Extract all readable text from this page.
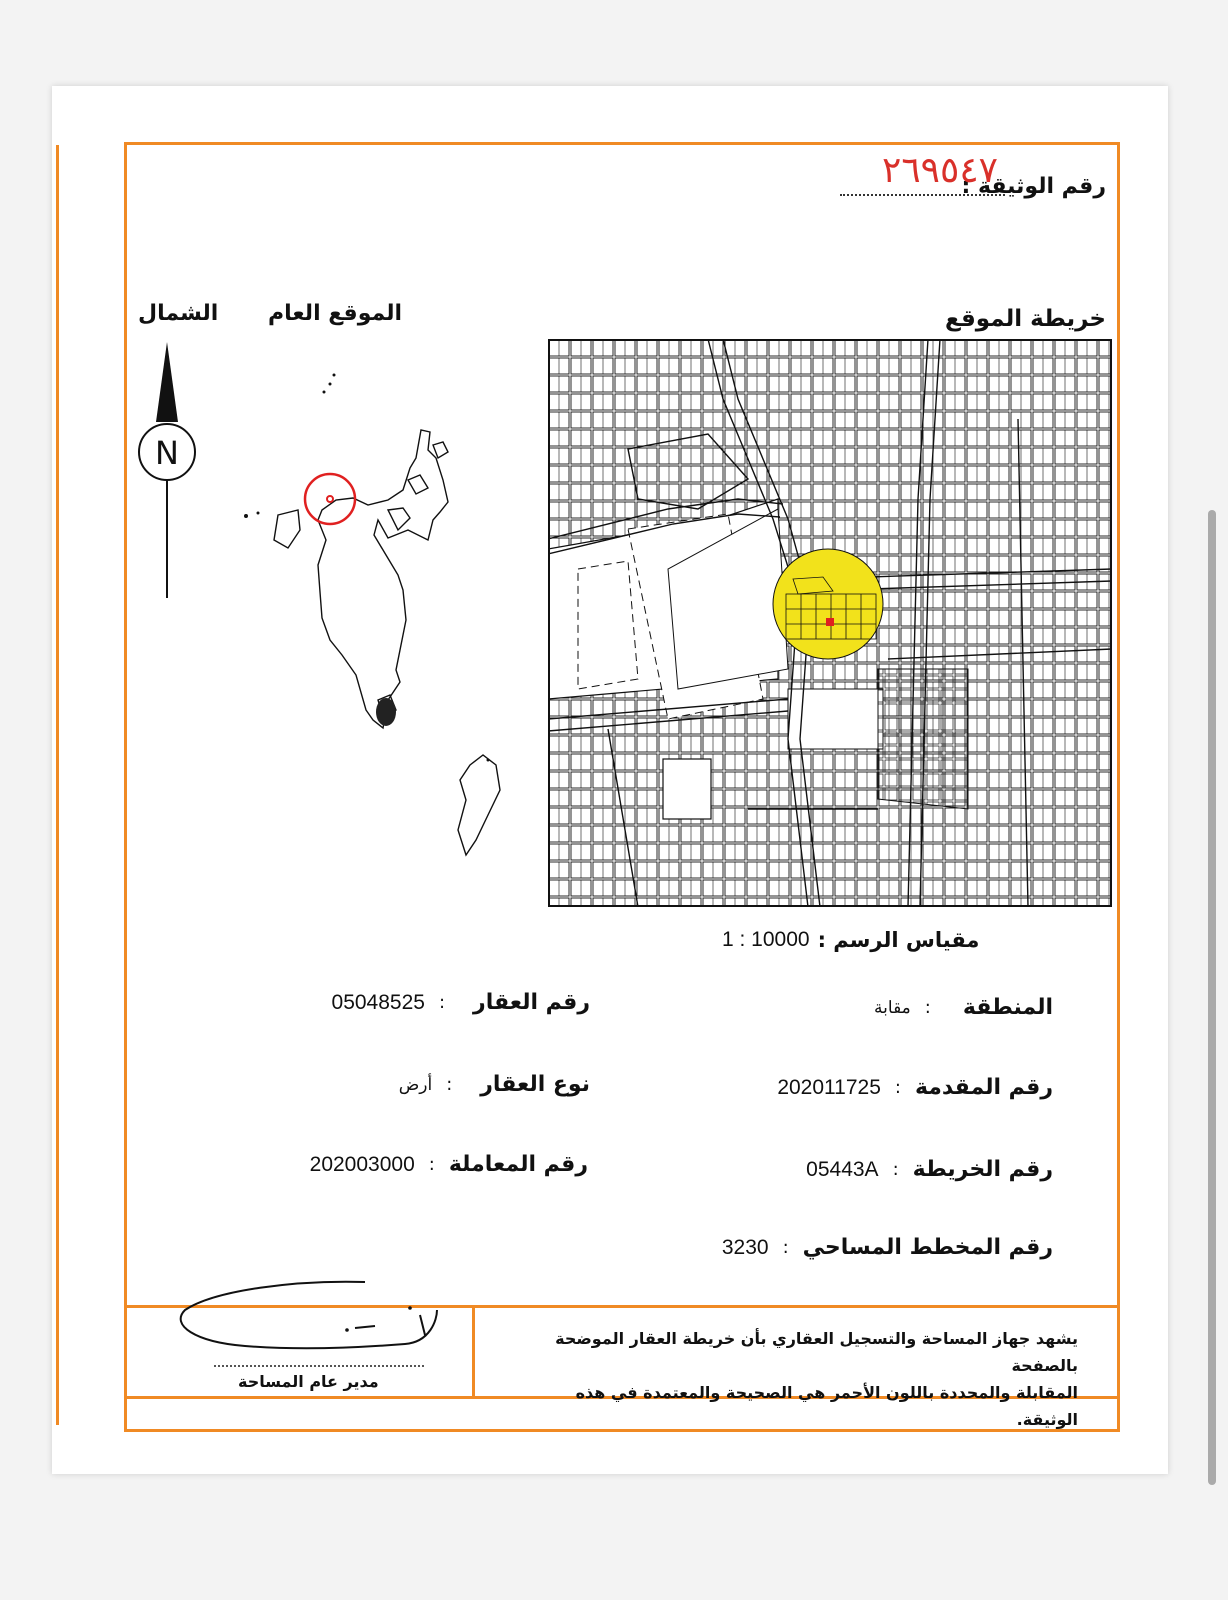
رقم الوثيقة :
٢٦٩٥٤٧
خريطة الموقع
الموقع العام
الشمال
N
مقياس الرسم :
1 : 10000
المنطقة
:
مقابة
رقم المقدمة
:
202011725
رقم الخريطة
:
05443A
رقم المخطط المساحي
:
3230
رقم العقار
:
05048525
نوع العقار
:
أرض
رقم المعاملة
:
202003000
يشهد جهاز المساحة والتسجيل العقاري بأن خريطة العقار الموضحة بالصفحة
المقابلة والمحددة باللون الأحمر هي الصحيحة والمعتمدة في هذه الوثيقة.
مدير عام المساحة
